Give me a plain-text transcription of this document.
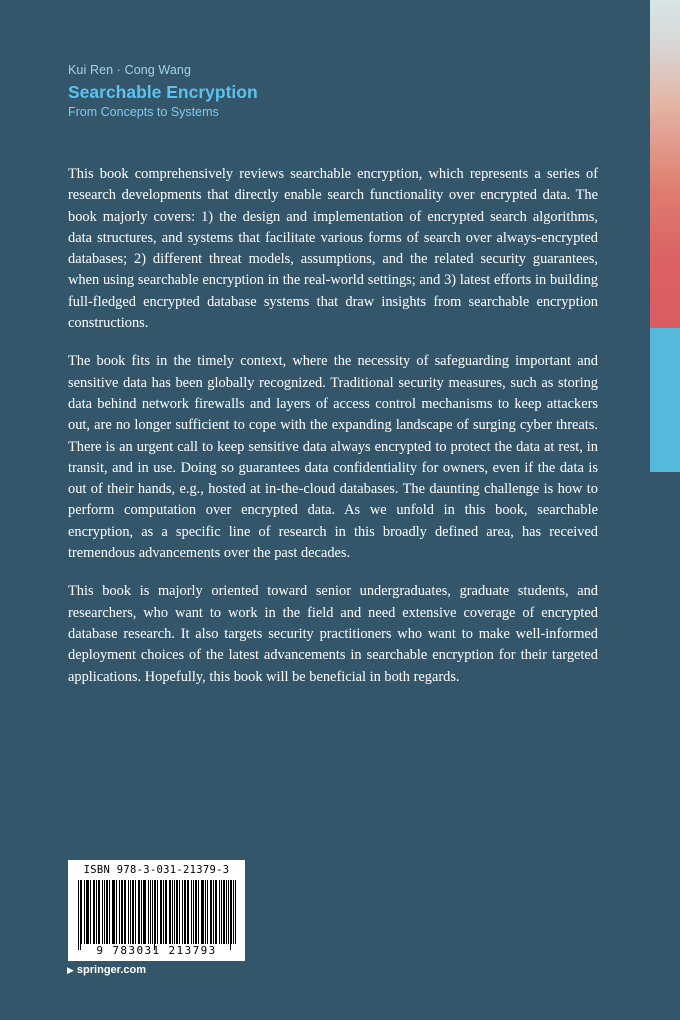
Kui Ren · Cong Wang
Searchable Encryption
From Concepts to Systems

This book comprehensively reviews searchable encryption, which represents a series of research developments that directly enable search functionality over encrypted data. The book majorly covers: 1) the design and implementation of encrypted search algorithms, data structures, and systems that facilitate various forms of search over always-encrypted databases; 2) different threat models, assumptions, and the related security guarantees, when using searchable encryption in the real-world settings; and 3) latest efforts in building full-fledged encrypted database systems that draw insights from searchable encryption constructions.

The book fits in the timely context, where the necessity of safeguarding important and sensitive data has been globally recognized. Traditional security measures, such as storing data behind network firewalls and layers of access control mechanisms to keep attackers out, are no longer sufficient to cope with the expanding landscape of surging cyber threats. There is an urgent call to keep sensitive data always encrypted to protect the data at rest, in transit, and in use. Doing so guarantees data confidentiality for owners, even if the data is out of their hands, e.g., hosted at in-the-cloud databases. The daunting challenge is how to perform computation over encrypted data. As we unfold in this book, searchable encryption, as a specific line of research in this broadly defined area, has received tremendous advancements over the past decades.

This book is majorly oriented toward senior undergraduates, graduate students, and researchers, who want to work in the field and need extensive coverage of encrypted database research. It also targets security practitioners who want to make well-informed deployment choices of the latest advancements in searchable encryption for their targeted applications. Hopefully, this book will be beneficial in both regards.

ISBN 978-3-031-21379-3
9 783031 213793
▶ springer.com
